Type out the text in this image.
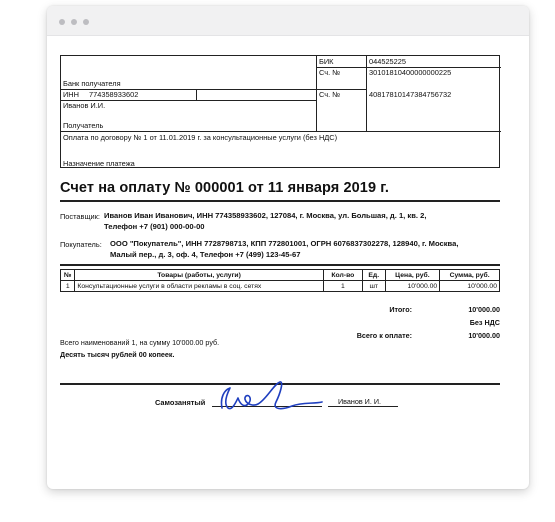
БИК	044525225
Сч. №	30101810400000000225
Банк получателя
ИНН 774358933602	Сч. №	40817810147384756732
Иванов И.И.
Получатель
Оплата по договору № 1 от 11.01.2019 г. за консультационные услуги (без НДС)
Назначение платежа
Счет на оплату № 000001 от 11 января 2019 г.
Поставщик: Иванов Иван Иванович, ИНН 774358933602, 127084, г. Москва, ул. Большая, д. 1, кв. 2,
Телефон +7 (901) 000-00-00
Покупатель: ООО "Покупатель", ИНН 7728798713, КПП 772801001, ОГРН 6076837302278, 128940, г. Москва,
Малый пер., д. 3, оф. 4, Телефон +7 (499) 123-45-67
№	Товары (работы, услуги)	Кол-во	Ед.	Цена, руб.	Сумма, руб.
1	Консультационные услуги в области рекламы в соц. сетях	1	шт	10'000.00	10'000.00
Итого:	10'000.00
Без НДС
Всего к оплате:	10'000.00
Всего наименований 1, на сумму 10'000.00 руб.
Десять тысяч рублей 00 копеек.
Самозанятый	Иванов И. И.
